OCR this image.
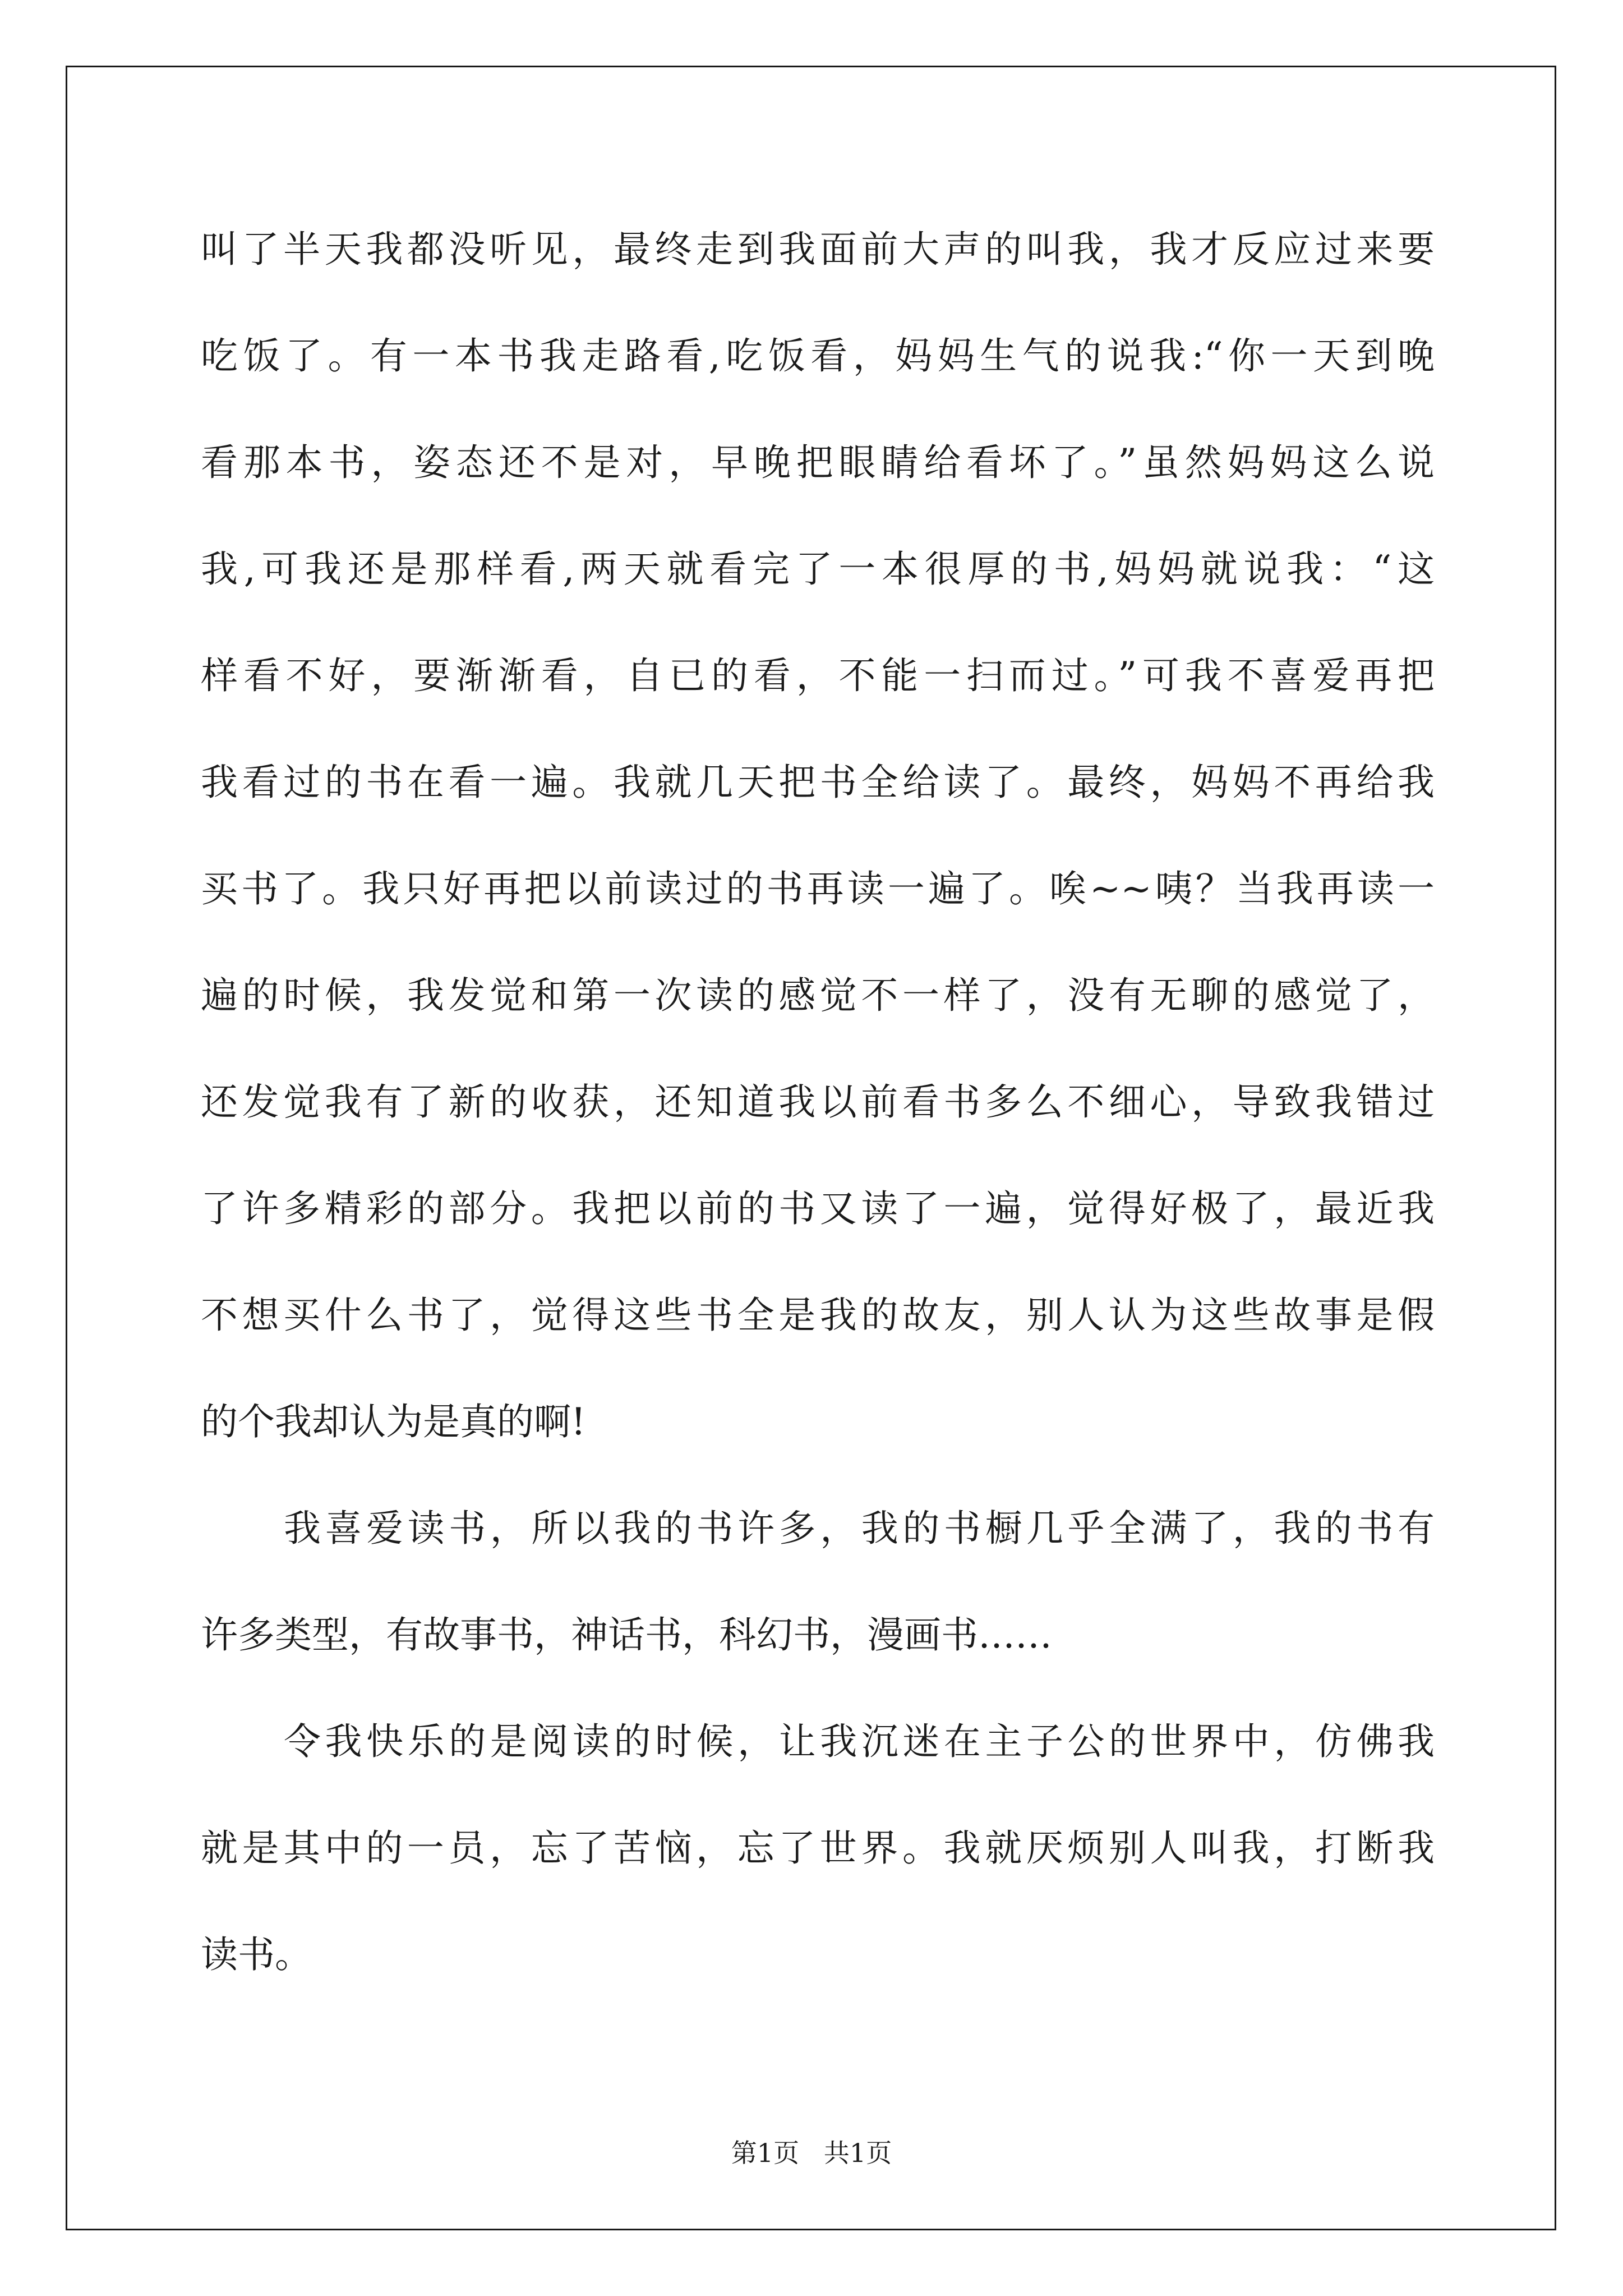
叫了半天我都没听见，最终走到我面前大声的叫我，我才反应过来要
吃饭了。有一本书我走路看,吃饭看，妈妈生气的说我:“你一天到晚
看那本书，姿态还不是对，早晚把眼睛给看坏了。”虽然妈妈这么说
我,可我还是那样看,两天就看完了一本很厚的书,妈妈就说我：“这
样看不好，要渐渐看，自已的看，不能一扫而过。”可我不喜爱再把
我看过的书在看一遍。我就几天把书全给读了。最终，妈妈不再给我
买书了。我只好再把以前读过的书再读一遍了。唉~~咦？当我再读一
遍的时候，我发觉和第一次读的感觉不一样了，没有无聊的感觉了，
还发觉我有了新的收获，还知道我以前看书多么不细心，导致我错过
了许多精彩的部分。我把以前的书又读了一遍，觉得好极了，最近我
不想买什么书了，觉得这些书全是我的故友，别人认为这些故事是假
的个我却认为是真的啊!
我喜爱读书，所以我的书许多，我的书橱几乎全满了，我的书有
许多类型，有故事书，神话书，科幻书，漫画书……
令我快乐的是阅读的时候，让我沉迷在主子公的世界中，仿佛我
就是其中的一员，忘了苦恼，忘了世界。我就厌烦别人叫我，打断我
读书。
第1页   共1页
